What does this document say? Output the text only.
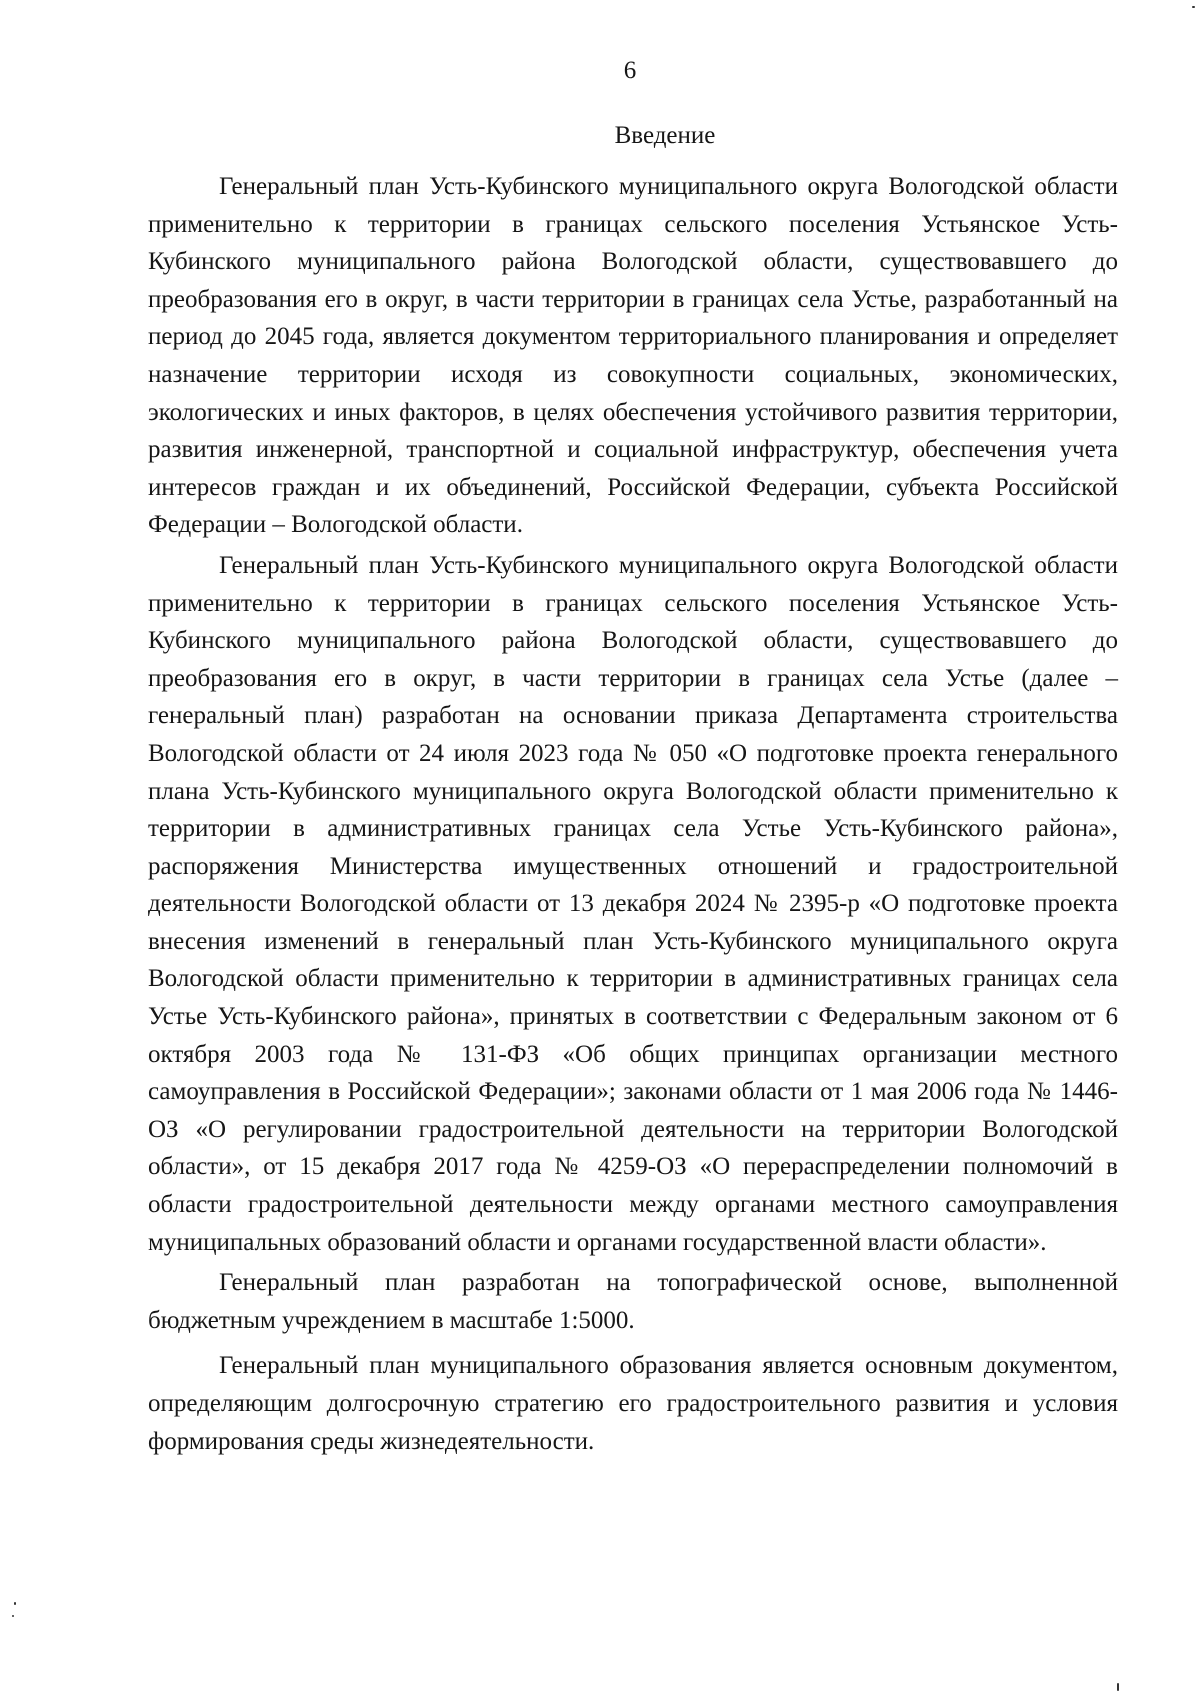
6
Введение

Генеральный план Усть-Кубинского муниципального округа Вологодской области применительно к территории в границах сельского поселения Устьянское Усть-Кубинского муниципального района Вологодской области, существовавшего до преобразования его в округ, в части территории в границах села Устье, разработанный на период до 2045 года, является документом территориального планирования и определяет назначение территории исходя из совокупности социальных, экономических, экологических и иных факторов, в целях обеспечения устойчивого развития территории, развития инженерной, транспортной и социальной инфраструктур, обеспечения учета интересов граждан и их объединений, Российской Федерации, субъекта Российской Федерации – Вологодской области.

Генеральный план Усть-Кубинского муниципального округа Вологодской области применительно к территории в границах сельского поселения Устьянское Усть-Кубинского муниципального района Вологодской области, существовавшего до преобразования его в округ, в части территории в границах села Устье (далее – генеральный план) разработан на основании приказа Департамента строительства Вологодской области от 24 июля 2023 года № 050 «О подготовке проекта генерального плана Усть-Кубинского муниципального округа Вологодской области применительно к территории в административных границах села Устье Усть-Кубинского района», распоряжения Министерства имущественных отношений и градостроительной деятельности Вологодской области от 13 декабря 2024 № 2395-р «О подготовке проекта внесения изменений в генеральный план Усть-Кубинского муниципального округа Вологодской области применительно к территории в административных границах села Устье Усть-Кубинского района», принятых в соответствии с Федеральным законом от 6 октября 2003 года № 131-ФЗ «Об общих принципах организации местного самоуправления в Российской Федерации»; законами области от 1 мая 2006 года № 1446-ОЗ «О регулировании градостроительной деятельности на территории Вологодской области», от 15 декабря 2017 года № 4259-ОЗ «О перераспределении полномочий в области градостроительной деятельности между органами местного самоуправления муниципальных образований области и органами государственной власти области».

Генеральный план разработан на топографической основе, выполненной бюджетным учреждением в масштабе 1:5000.

Генеральный план муниципального образования является основным документом, определяющим долгосрочную стратегию его градостроительного развития и условия формирования среды жизнедеятельности.
